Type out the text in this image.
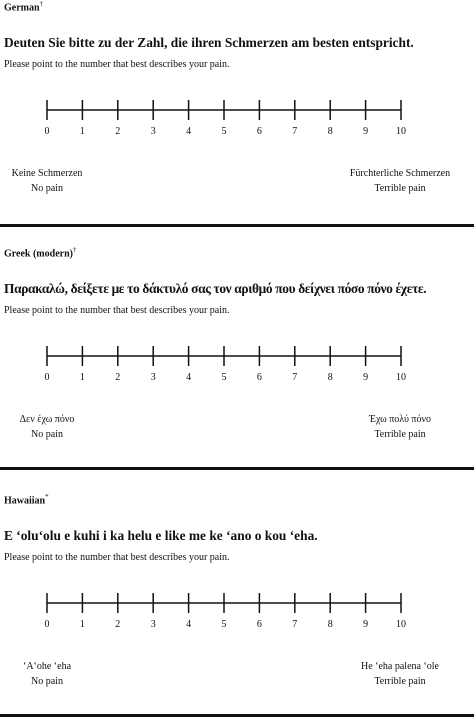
German†
Deuten Sie bitte zu der Zahl, die ihren Schmerzen am besten entspricht.
Please point to the number that best describes your pain.
0	1	2	3	4	5	6	7	8	9	10
Keine Schmerzen
No pain
Fürchterliche Schmerzen
Terrible pain
Greek (modern)†
Παρακαλώ, δείξετε με το δάκτυλό σας τον αριθμό που δείχνει πόσο πόνο έχετε.
Please point to the number that best describes your pain.
0	1	2	3	4	5	6	7	8	9	10
Δεν έχω πόνο
No pain
Έχω πολύ πόνο
Terrible pain
Hawaiian*
E ʻoluʻolu e kuhi i ka helu e like me ke ʻano o kou ʻeha.
Please point to the number that best describes your pain.
0	1	2	3	4	5	6	7	8	9	10
ʻAʻohe ʻeha
No pain
He ʻeha palena ʻole
Terrible pain
